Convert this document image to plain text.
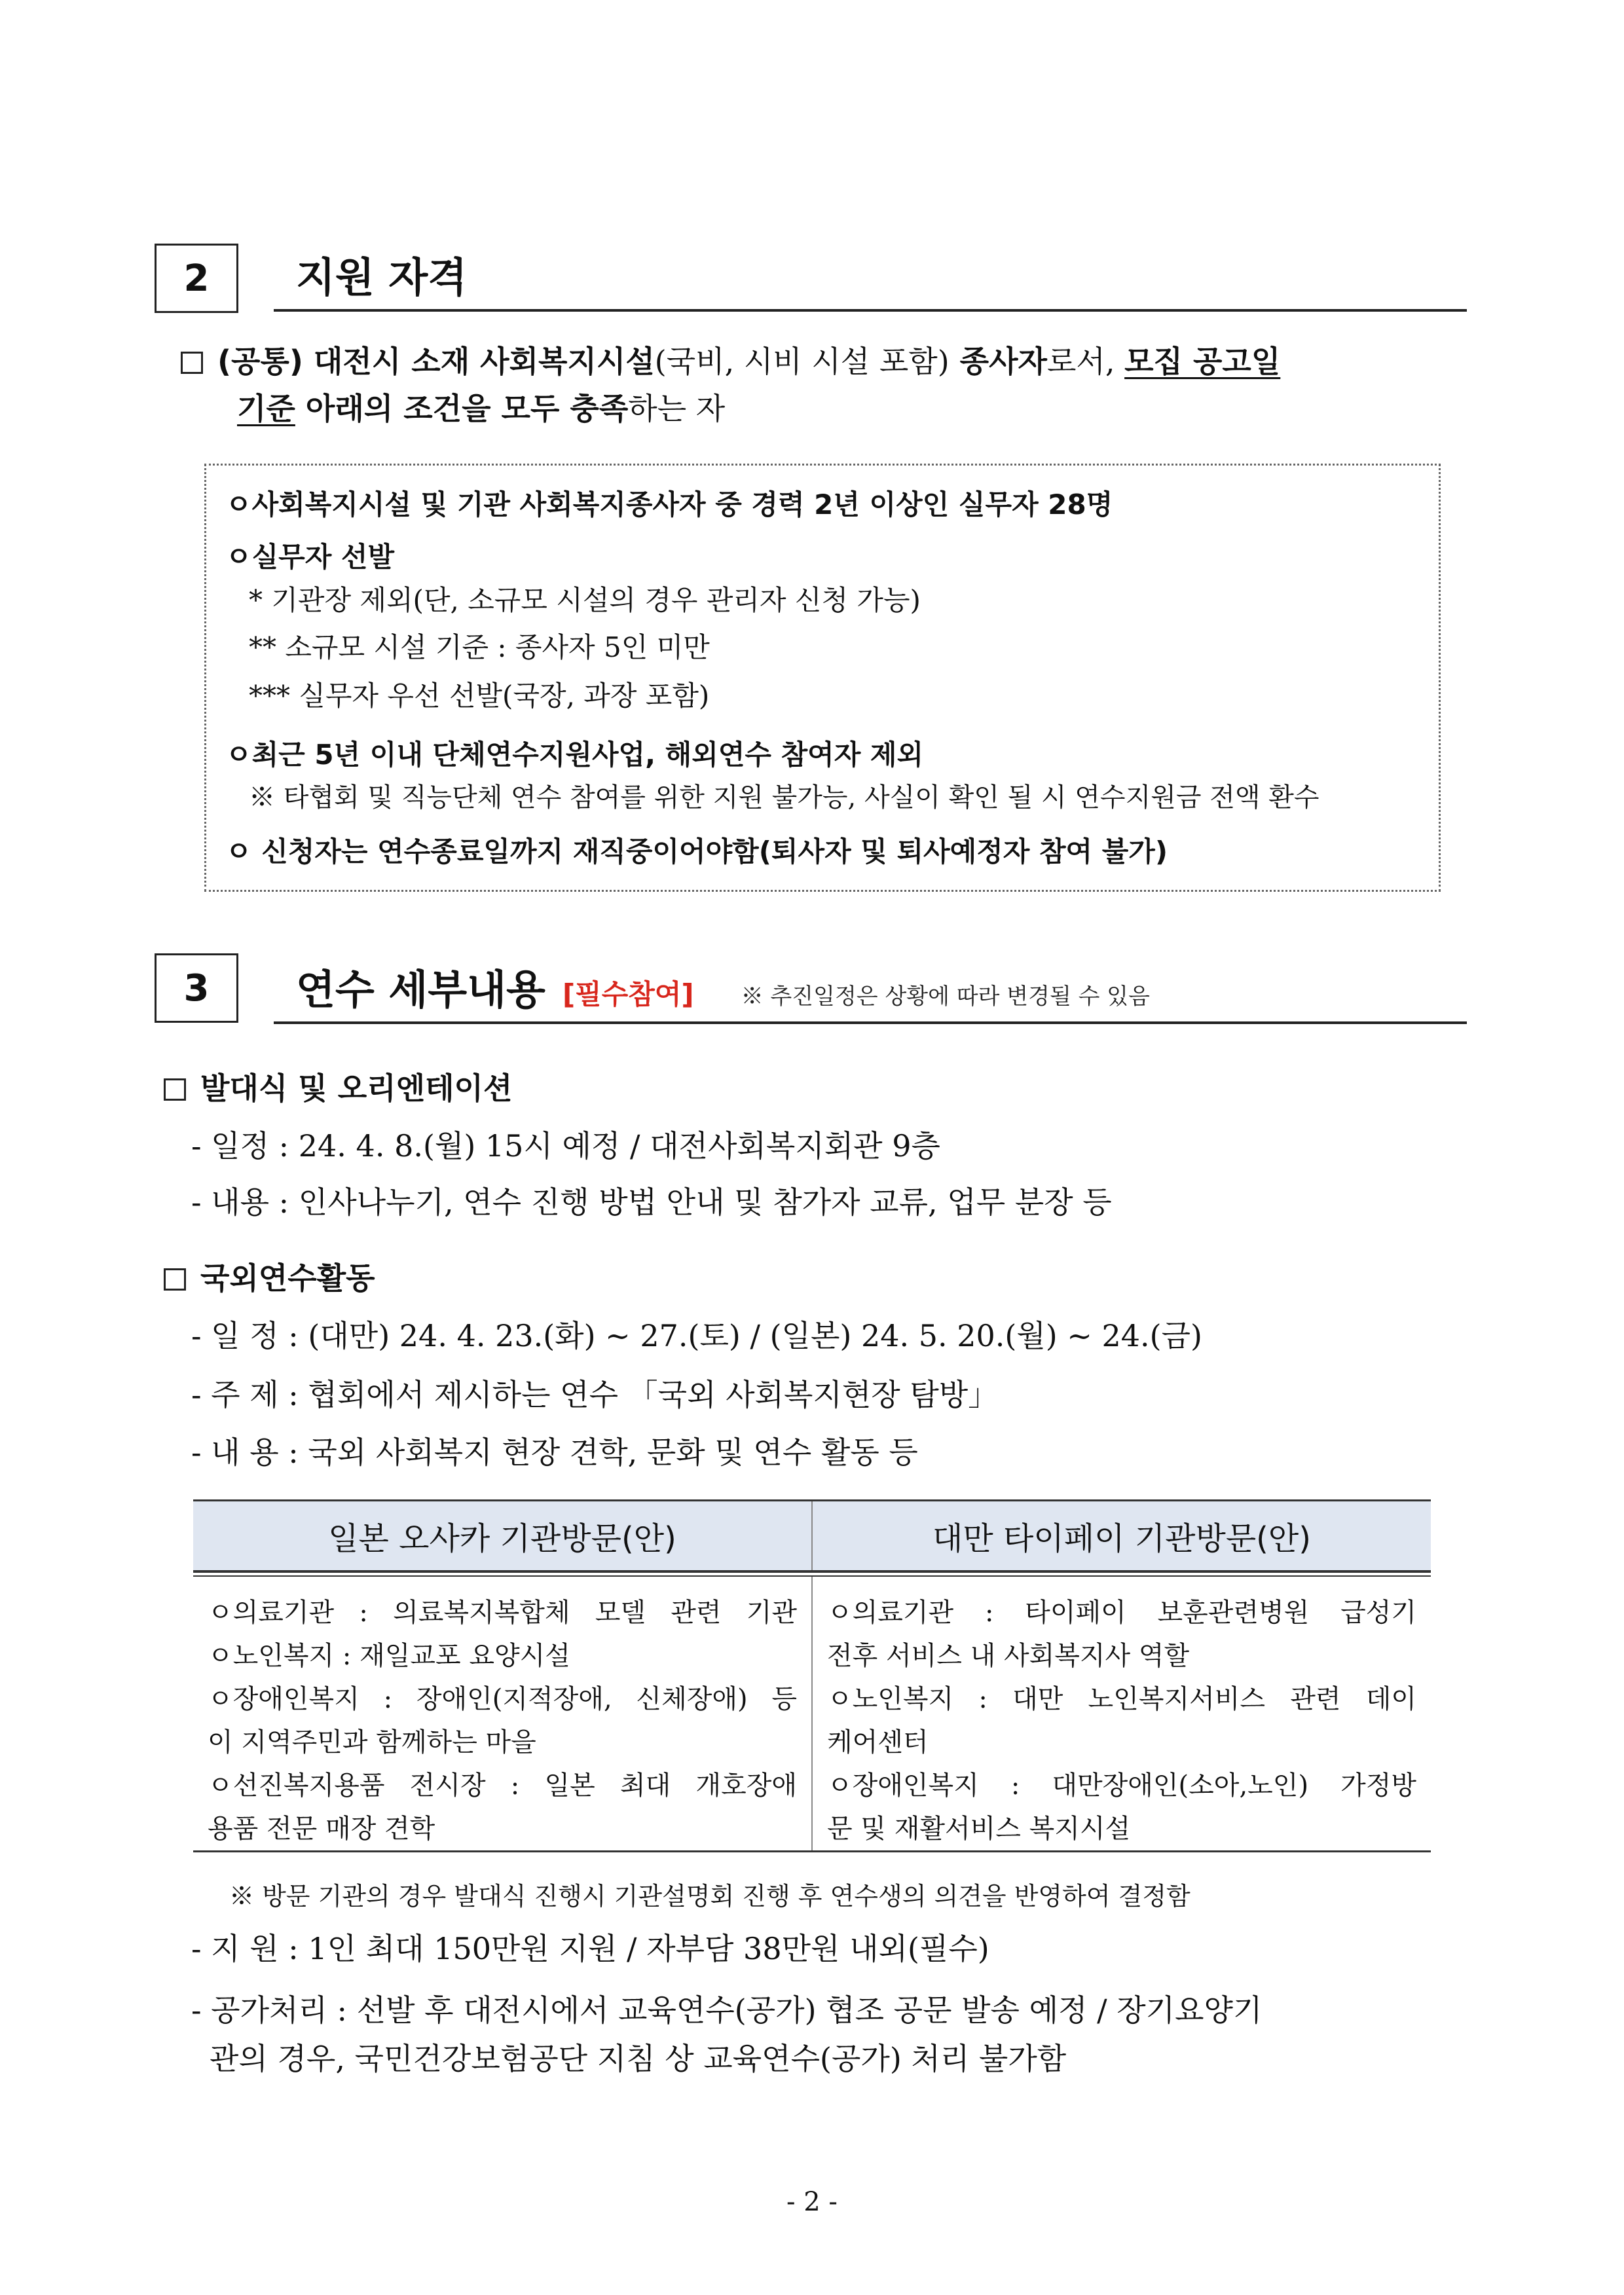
2	지원 자격
(공통) 대전시 소재 사회복지시설(국비, 시비 시설 포함) 종사자로서, 모집 공고일
기준 아래의 조건을 모두 충족하는 자
ㅇ사회복지시설 및 기관 사회복지종사자 중 경력 2년 이상인 실무자 28명
ㅇ실무자 선발
* 기관장 제외(단, 소규모 시설의 경우 관리자 신청 가능)
** 소규모 시설 기준 : 종사자 5인 미만
*** 실무자 우선 선발(국장, 과장 포함)
ㅇ최근 5년 이내 단체연수지원사업, 해외연수 참여자 제외
※ 타협회 및 직능단체 연수 참여를 위한 지원 불가능, 사실이 확인 될 시 연수지원금 전액 환수
ㅇ 신청자는 연수종료일까지 재직중이어야함(퇴사자 및 퇴사예정자 참여 불가)
3	연수 세부내용 [필수참여] ※ 추진일정은 상황에 따라 변경될 수 있음
발대식 및 오리엔테이션
- 일정 : 24. 4. 8.(월) 15시 예정 / 대전사회복지회관 9층
- 내용 : 인사나누기, 연수 진행 방법 안내 및 참가자 교류, 업무 분장 등
국외연수활동
- 일 정 : (대만) 24. 4. 23.(화) ~ 27.(토) / (일본) 24. 5. 20.(월) ~ 24.(금)
- 주 제 : 협회에서 제시하는 연수 「국외 사회복지현장 탐방」
- 내 용 : 국외 사회복지 현장 견학, 문화 및 연수 활동 등
일본 오사카 기관방문(안)	대만 타이페이 기관방문(안)
ㅇ의료기관 : 의료복지복합체 모델 관련 기관
ㅇ노인복지 : 재일교포 요양시설
ㅇ장애인복지 : 장애인(지적장애, 신체장애) 등
이 지역주민과 함께하는 마을
ㅇ선진복지용품 전시장 : 일본 최대 개호장애
용품 전문 매장 견학
ㅇ의료기관 : 타이페이 보훈관련병원 급성기
전후 서비스 내 사회복지사 역할
ㅇ노인복지 : 대만 노인복지서비스 관련 데이
케어센터
ㅇ장애인복지 : 대만장애인(소아,노인) 가정방
문 및 재활서비스 복지시설
※ 방문 기관의 경우 발대식 진행시 기관설명회 진행 후 연수생의 의견을 반영하여 결정함
- 지 원 : 1인 최대 150만원 지원 / 자부담 38만원 내외(필수)
- 공가처리 : 선발 후 대전시에서 교육연수(공가) 협조 공문 발송 예정 / 장기요양기
관의 경우, 국민건강보험공단 지침 상 교육연수(공가) 처리 불가함
- 2 -
